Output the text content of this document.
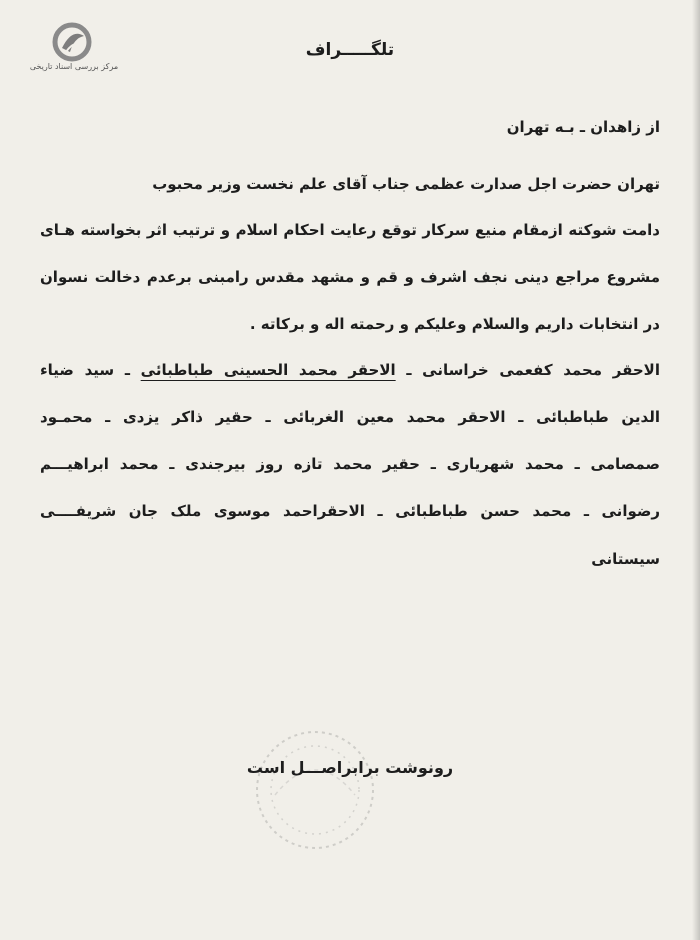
مرکز بررسی اسناد تاریخی
تلگـــــراف
از زاهدان ـ بـه تهران
تهران حضرت اجل صدارت عظمی جناب آقای علم نخست وزیر محبوب
دامت شوکته ازمقام منیع سرکار توقع رعایت احکام اسلام و ترتیب اثر بخواسته هـای
مشروع مراجع دینی نجف اشرف و قم و مشهد مقدس رامبنی برعدم دخالت نسوان
در انتخابات داریم والسلام وعلیکم و رحمته اله و برکاته .
الاحقر محمد کفعمی خراسانی ـ الاحقر محمد الحسینی طباطبائی ـ سید ضیاء
الدین طباطبائی ـ الاحقر محمد معین الغربائی ـ حقیر ذاکر یزدی ـ محمـود
صمصامی ـ محمد شهریاری ـ حقیر محمد تازه روز بیرجندی ـ محمد ابراهیـــم
رضوانی ـ محمد حسن طباطبائی ـ الاحقراحمد موسوی ملک جان شریفــــی
سیستانی
رونوشت برابراصـــل است
